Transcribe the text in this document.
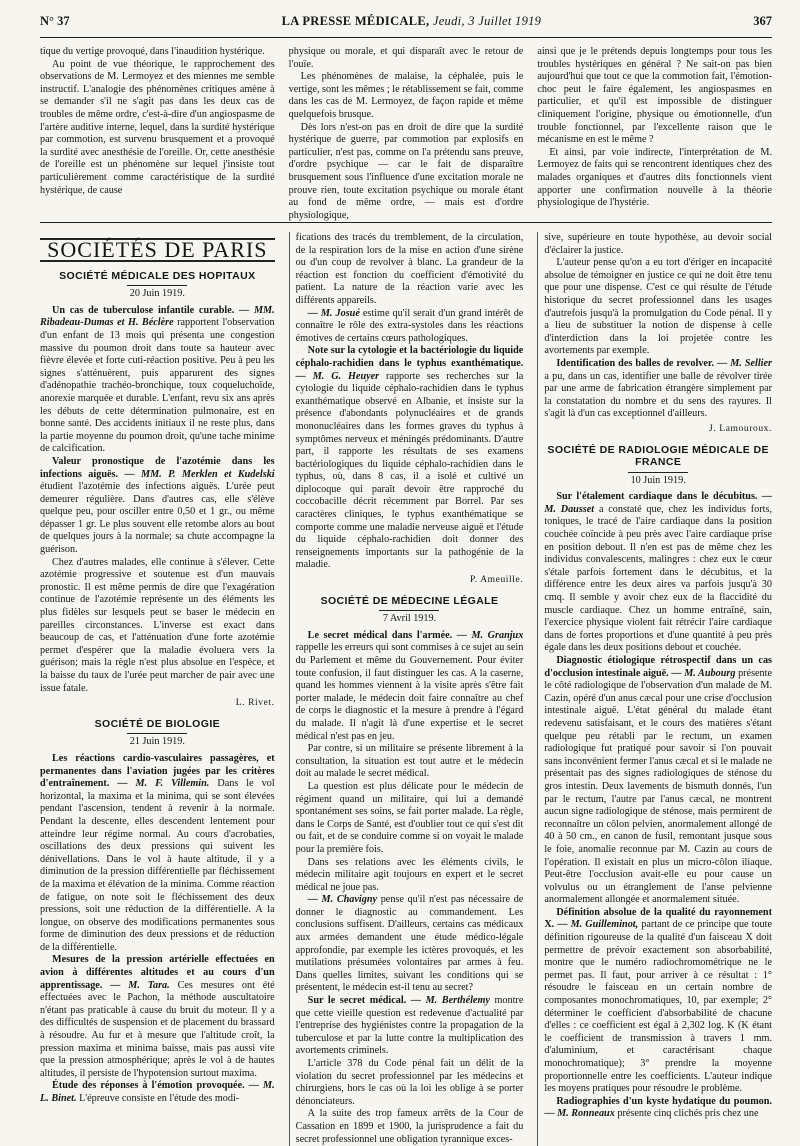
N° 37	LA PRESSE MÉDICALE, Jeudi, 3 Juillet 1919	367

tique du vertige provoqué, dans l'inaudition hystérique.

Au point de vue théorique, le rapprochement des observations de M. Lermoyez et des miennes me semble instructif. L'analogie des phénomènes critiques amène à se demander s'il ne s'agit pas dans les deux cas de troubles de même ordre, c'est-à-dire d'un angiospasme de l'artère auditive interne, lequel, dans la surdité hystérique par commotion, est survenu brusquement et a provoqué la surdité avec anesthésie de l'oreille. Or, cette anesthésie de l'oreille est un phénomène sur lequel j'insiste tout particulièrement comme caractéristique de la surdité hystérique, de cause

physique ou morale, et qui disparaît avec le retour de l'ouïe.

Les phénomènes de malaise, la céphalée, puis le vertige, sont les mêmes ; le rétablissement se fait, comme dans les cas de M. Lermoyez, de façon rapide et même quelquefois brusque.

Dès lors n'est-on pas en droit de dire que la surdité hystérique de guerre, par commotion par explosifs en particulier, n'est pas, comme on l'a prétendu sans preuve, d'ordre psychique — car le fait de disparaître brusquement sous l'influence d'une excitation morale ne prouve rien, toute excitation psychique ou morale étant au fond de même ordre, — mais est d'ordre physiologique,

ainsi que je le prétends depuis longtemps pour tous les troubles hystériques en général ? Ne sait-on pas bien aujourd'hui que tout ce que la commotion fait, l'émotion-choc peut le faire également, les angiospasmes en particulier, et qu'il est impossible de distinguer cliniquement l'origine, physique ou émotionnelle, d'un trouble fonctionnel, par l'excellente raison que le mécanisme en est le même ?

Et ainsi, par voie indirecte, l'interprétation de M. Lermoyez de faits qui se rencontrent identiques chez des malades organiques et d'autres dits fonctionnels vient apporter une confirmation nouvelle à la théorie physiologique de l'hystérie.

SOCIÉTÉS DE PARIS
SOCIÉTÉ MÉDICALE DES HOPITAUX
20 Juin 1919.

Un cas de tuberculose infantile curable. — MM. Ribadeau-Dumas et H. Béclère rapportent l'observation d'un enfant de 13 mois qui présenta une congestion massive du poumon droit dans toute sa hauteur avec fièvre élevée et forte cuti-réaction positive. Peu à peu les signes s'atténuèrent, puis apparurent des signes d'adénopathie trachéo-bronchique, toux coqueluchoïde, anorexie marquée et durable. L'enfant, revu six ans après les débuts de cette détermination pulmonaire, est en bonne santé. Des accidents initiaux il ne reste plus, dans la partie moyenne du poumon droit, qu'une tache minime de calcification.

Valeur pronostique de l'azotémie dans les infections aiguës. — MM. P. Merklen et Kudelski étudient l'azotémie des infections aiguës. L'urée peut demeurer régulière. Dans d'autres cas, elle s'élève quelque peu, pour osciller entre 0,50 et 1 gr., ou même dépasser 1 gr. Le plus souvent elle retombe alors au bout de quelques jours à la normale; sa chute accompagne la guérison.

Chez d'autres malades, elle continue à s'élever. Cette azotémie progressive et soutenue est d'un mauvais pronostic. Il est même permis de dire que l'exagération continue de l'azotémie représente un des éléments les plus fidèles sur lesquels peut se baser le médecin en pareilles circonstances. L'inverse est exact dans beaucoup de cas, et l'atténuation d'une forte azotémie permet d'espérer que la maladie évoluera vers la guérison; mais la règle n'est plus absolue en l'espèce, et la baisse du taux de l'urée peut marcher de pair avec une issue fatale.

L. Rivet.
SOCIÉTÉ DE BIOLOGIE
21 Juin 1919.

Les réactions cardio-vasculaires passagères, et permanentes dans l'aviation jugées par les critères d'entraînement. — M. F. Villemin. Dans le vol horizontal, la maxima et la minima, qui se sont élevées pendant l'ascension, tendent à revenir à la normale. Pendant la descente, elles descendent lentement pour atteindre leur régime normal. Au cours d'acrobaties, oscillations des deux pressions qui suivent les dénivellations. Dans le vol à haute altitude, il y a diminution de la pression différentielle par fléchissement de la maxima et élévation de la minima. Comme réaction de fatigue, on note soit le fléchissement des deux pressions, soit une réduction de la différentielle. A la longue, on observe des modifications permanentes sous forme de diminution des deux pressions et de réduction de la différentielle.

Mesures de la pression artérielle effectuées en avion à différentes altitudes et au cours d'un apprentissage. — M. Tara. Ces mesures ont été effectuées avec le Pachon, la méthode auscultatoire n'étant pas praticable à cause du bruit du moteur. Il y a des difficultés de suspension et de placement du brassard à résoudre. Au fur et à mesure que l'altitude croît, la pression maxima et minima baisse, mais pas aussi vite que la pression atmosphérique; après le vol à de hautes altitudes, il persiste de l'hypotension surtout maxima.

Étude des réponses à l'émotion provoquée. — M. L. Binet. L'épreuve consiste en l'étude des modi-

fications des tracés du tremblement, de la circulation, de la respiration lors de la mise en action d'une sirène ou d'un coup de revolver à blanc. La grandeur de la réaction est fonction du coefficient d'émotivité du patient. La nature de la réaction varie avec les différents appareils.

— M. Josué estime qu'il serait d'un grand intérêt de connaître le rôle des extra-systoles dans les réactions émotives de certains cœurs pathologiques.

Note sur la cytologie et la bactériologie du liquide céphalo-rachidien dans le typhus exanthématique. — M. G. Heuyer rapporte ses recherches sur la cytologie du liquide céphalo-rachidien dans le typhus exanthématique observé en Albanie, et insiste sur la présence d'abondants polynucléaires et de grands mononucléaires dans les formes graves du typhus à symptômes nerveux et méningés prédominants. D'autre part, il rapporte les résultats de ses examens bactériologiques du liquide céphalo-rachidien dans le typhus, où, dans 8 cas, il a isolé et cultivé un diplocoque qui paraît devoir être rapproché du coccobacille décrit récemment par Borrel. Par ses caractères cliniques, le typhus exanthématique se comporte comme une maladie nerveuse aiguë et l'étude du liquide céphalo-rachidien doit donner des renseignements importants sur la pathogénie de la maladie.

P. Ameuille.
SOCIÉTÉ DE MÉDECINE LÉGALE
7 Avril 1919.

Le secret médical dans l'armée. — M. Granjux rappelle les erreurs qui sont commises à ce sujet au sein du Parlement et même du Gouvernement. Pour éviter toute confusion, il faut distinguer les cas. A la caserne, quand les hommes viennent à la visite après s'être fait porter malade, le médecin doit faire connaître au chef de corps le diagnostic et la mesure à prendre à l'égard du malade. Il n'agit là d'une expertise et le secret médical n'est pas en jeu.

Par contre, si un militaire se présente librement à la consultation, la situation est tout autre et le médecin doit au malade le secret médical.

La question est plus délicate pour le médecin de régiment quand un militaire, qui lui a demandé spontanément ses soins, se fait porter malade. La règle, dans le Corps de Santé, est d'oublier tout ce qui s'est dit ou fait, et de se conduire comme si on voyait le malade pour la première fois.

Dans ses relations avec les éléments civils, le médecin militaire agit toujours en expert et le secret médical ne joue pas.

— M. Chavigny pense qu'il n'est pas nécessaire de donner le diagnostic au commandement. Les conclusions suffisent. D'ailleurs, certains cas médicaux aux armées demandent une étude médico-légale approfondie, par exemple les ictères provoqués, et les mutilations présumées volontaires par armes à feu. Dans quelles limites, suivant les conditions qui se présentent, le médecin est-il tenu au secret?

Sur le secret médical. — M. Berthélemy montre que cette vieille question est redevenue d'actualité par l'entreprise des hygiénistes contre la propagation de la tuberculose et par la lutte contre la multiplication des avortements criminels.

L'article 378 du Code pénal fait un délit de la violation du secret professionnel par les médecins et chirurgiens, hors le cas où la loi les oblige à se porter dénonciateurs.

A la suite des trop fameux arrêts de la Cour de Cassation en 1899 et 1900, la jurisprudence a fait du secret professionnel une obligation tyrannique exces-

sive, supérieure en toute hypothèse, au devoir social d'éclairer la justice.

L'auteur pense qu'on a eu tort d'ériger en incapacité absolue de témoigner en justice ce qui ne doit être tenu que pour une dispense. C'est ce qui résulte de l'étude historique du secret professionnel dans les usages d'autrefois jusqu'à la promulgation du Code pénal. Il y a lieu de substituer la notion de dispense à celle d'interdiction dans la loi projetée contre les avortements par exemple.

Identification des balles de revolver. — M. Sellier a pu, dans un cas, identifier une balle de révolver tirée par une arme de fabrication étrangère simplement par la constatation du nombre et du sens des rayures. Il s'agit là d'un cas exceptionnel d'ailleurs.

J. Lamouroux.
SOCIÉTÉ DE RADIOLOGIE MÉDICALE DE FRANCE
10 Juin 1919.

Sur l'étalement cardiaque dans le décubitus. — M. Dausset a constaté que, chez les individus forts, toniques, le tracé de l'aire cardiaque dans la position couchée coïncide à peu près avec l'aire cardiaque prise en position debout. Il n'en est pas de même chez les individus convalescents, malingres : chez eux le cœur s'étale parfois fortement dans le décubitus, et la différence entre les deux aires va parfois jusqu'à 30 cmq. Il semble y avoir chez eux de la flaccidité du muscle cardiaque. Chez un homme entraîné, sain, l'exercice physique violent fait rétrécir l'aire cardiaque dans de fortes proportions et d'une quantité à peu près égale dans les deux positions debout et couchée.

Diagnostic étiologique rétrospectif dans un cas d'occlusion intestinale aiguë. — M. Aubourg présente le côté radiologique de l'observation d'un malade de M. Cazin, opéré d'un anus cæcal pour une crise d'occlusion intestinale aiguë. L'état général du malade étant redevenu satisfaisant, et le cours des matières s'étant quelque peu rétabli par le rectum, un examen radiologique fut pratiqué pour savoir si l'on pouvait sans inconvénient fermer l'anus cæcal et si le malade ne présentait pas des signes radiologiques de sténose du gros intestin. Deux lavements de bismuth donnés, l'un par le rectum, l'autre par l'anus cæcal, ne montrent aucun signe radiologique de sténose, mais permirent de reconnaître un côlon pelvien, anormalement allongé de 40 à 50 cm., en canon de fusil, remontant jusque sous le foie, anomalie reconnue par M. Cazin au cours de l'opération. Il existait en plus un micro-côlon iliaque. Peut-être l'occlusion avait-elle eu pour cause un volvulus ou un étranglement de l'anse pelvienne anormalement allongée et anormalement située.

Définition absolue de la qualité du rayonnement X. — M. Guilleminot, partant de ce principe que toute définition rigoureuse de la qualité d'un faisceau X doit permettre de prévoir exactement son absorbabilité, montre que le numéro radiochromométrique ne le permet pas. Il faut, pour arriver à ce résultat : 1° résoudre le faisceau en un certain nombre de composantes monochromatiques, 10, par exemple; 2° déterminer le coefficient d'absorbabilité de chacune d'elles : ce coefficient est égal à 2,302 log. K (K étant le coefficient de transmission à travers 1 mm. d'aluminium, et caractérisant chaque monochromatique); 3° prendre la moyenne proportionnelle entre les coefficients. L'auteur indique les moyens pratiques pour résoudre le problème.

Radiographies d'un kyste hydatique du poumon. — M. Ronneaux présente cinq clichés pris chez une
